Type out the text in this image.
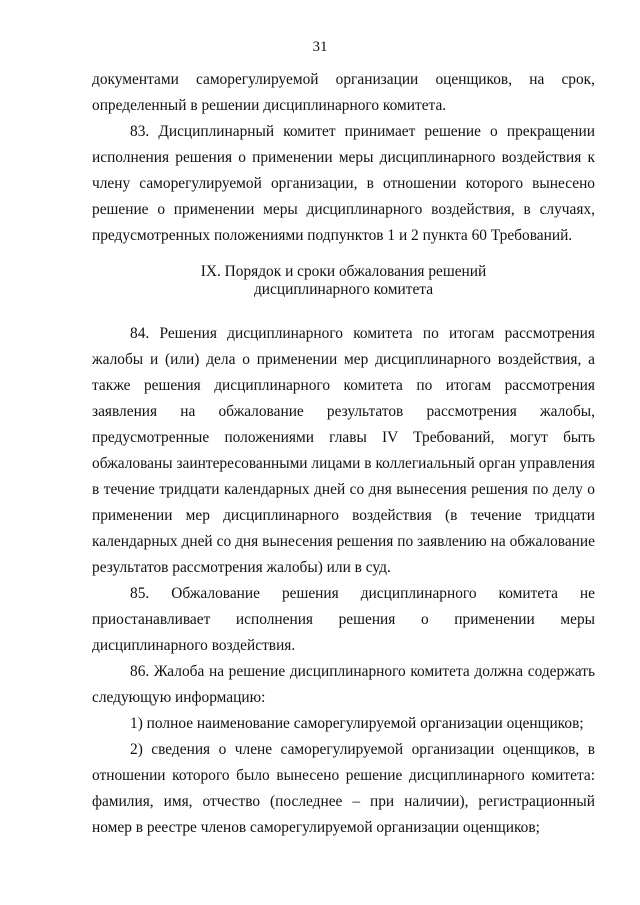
31

документами саморегулируемой организации оценщиков, на срок,

определенный в решении дисциплинарного комитета.

83. Дисциплинарный комитет принимает решение о прекращении исполнения решения о применении меры дисциплинарного воздействия к члену саморегулируемой организации, в отношении которого вынесено решение о применении меры дисциплинарного воздействия, в случаях, предусмотренных положениями подпунктов 1 и 2 пункта 60 Требований.

IX. Порядок и сроки обжалования решений
дисциплинарного комитета

84. Решения дисциплинарного комитета по итогам рассмотрения жалобы и (или) дела о применении мер дисциплинарного воздействия, а также решения дисциплинарного комитета по итогам рассмотрения заявления на обжалование результатов рассмотрения жалобы, предусмотренные положениями главы IV Требований, могут быть обжалованы заинтересованными лицами в коллегиальный орган управления в течение тридцати календарных дней со дня вынесения решения по делу о применении мер дисциплинарного воздействия (в течение тридцати календарных дней со дня вынесения решения по заявлению на обжалование результатов рассмотрения жалобы) или в суд.

85. Обжалование решения дисциплинарного комитета не приостанавливает исполнения решения о применении меры дисциплинарного воздействия.

86. Жалоба на решение дисциплинарного комитета должна содержать следующую информацию:

1) полное наименование саморегулируемой организации оценщиков;

2) сведения о члене саморегулируемой организации оценщиков, в отношении которого было вынесено решение дисциплинарного комитета: фамилия, имя, отчество (последнее – при наличии), регистрационный номер в реестре членов саморегулируемой организации оценщиков;
